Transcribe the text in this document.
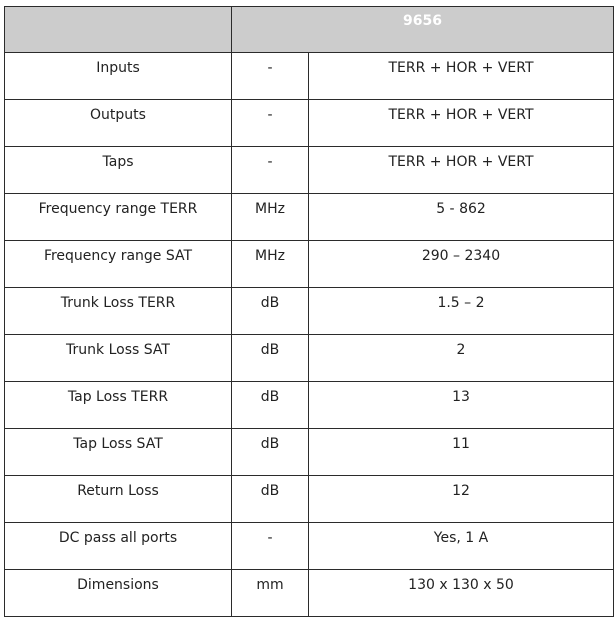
	9656	

Inputs	-	TERR + HOR + VERT

Outputs	-	TERR + HOR + VERT

Taps	-	TERR + HOR + VERT

Frequency range TERR	MHz	5 - 862

Frequency range SAT	MHz	290 – 2340

Trunk Loss TERR	dB	1.5 – 2

Trunk Loss SAT	dB	2

Tap Loss TERR	dB	13

Tap Loss SAT	dB	11

Return Loss	dB	12

DC pass all ports	-	Yes, 1 A

Dimensions	mm	130 x 130 x 50
